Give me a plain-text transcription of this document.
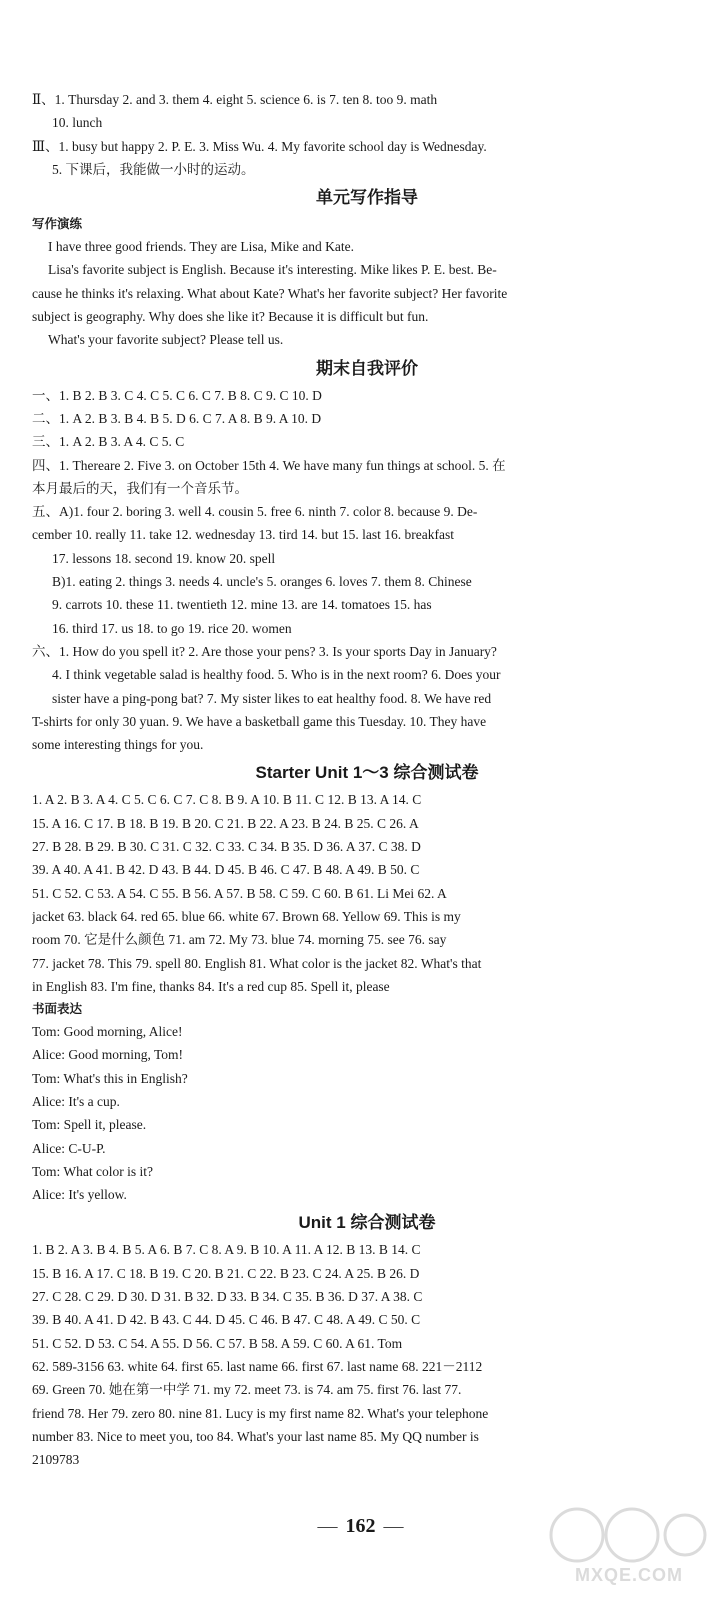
Ⅱ、1. Thursday 2. and 3. them 4. eight 5. science 6. is 7. ten 8. too 9. math
10. lunch
Ⅲ、1. busy but happy 2. P. E. 3. Miss Wu. 4. My favorite school day is Wednesday.
5. 下课后，我能做一小时的运动。
单元写作指导
写作演练
I have three good friends. They are Lisa, Mike and Kate.
Lisa's favorite subject is English. Because it's interesting. Mike likes P. E. best. Be-
cause he thinks it's relaxing. What about Kate? What's her favorite subject? Her favorite
subject is geography. Why does she like it? Because it is difficult but fun.
What's your favorite subject? Please tell us.
期末自我评价
一、1. B 2. B 3. C 4. C 5. C 6. C 7. B 8. C 9. C 10. D
二、1. A 2. B 3. B 4. B 5. D 6. C 7. A 8. B 9. A 10. D
三、1. A 2. B 3. A 4. C 5. C
四、1. Thereare 2. Five 3. on October 15th 4. We have many fun things at school. 5. 在
本月最后的天，我们有一个音乐节。
五、A)1. four 2. boring 3. well 4. cousin 5. free 6. ninth 7. color 8. because 9. De-
cember 10. really 11. take 12. wednesday 13. tird 14. but 15. last 16. breakfast
17. lessons 18. second 19. know 20. spell
B)1. eating 2. things 3. needs 4. uncle's 5. oranges 6. loves 7. them 8. Chinese
9. carrots 10. these 11. twentieth 12. mine 13. are 14. tomatoes 15. has
16. third 17. us 18. to go 19. rice 20. women
六、1. How do you spell it? 2. Are those your pens? 3. Is your sports Day in January?
4. I think vegetable salad is healthy food. 5. Who is in the next room? 6. Does your
sister have a ping-pong bat? 7. My sister likes to eat healthy food. 8. We have red
T-shirts for only 30 yuan. 9. We have a basketball game this Tuesday. 10. They have
some interesting things for you.
Starter Unit 1～3 综合测试卷
1. A 2. B 3. A 4. C 5. C 6. C 7. C 8. B 9. A 10. B 11. C 12. B 13. A 14. C
15. A 16. C 17. B 18. B 19. B 20. C 21. B 22. A 23. B 24. B 25. C 26. A
27. B 28. B 29. B 30. C 31. C 32. C 33. C 34. B 35. D 36. A 37. C 38. D
39. A 40. A 41. B 42. D 43. B 44. D 45. B 46. C 47. B 48. A 49. B 50. C
51. C 52. C 53. A 54. C 55. B 56. A 57. B 58. C 59. C 60. B 61. Li Mei 62. A
jacket 63. black 64. red 65. blue 66. white 67. Brown 68. Yellow 69. This is my
room 70. 它是什么颜色 71. am 72. My 73. blue 74. morning 75. see 76. say
77. jacket 78. This 79. spell 80. English 81. What color is the jacket 82. What's that
in English 83. I'm fine, thanks 84. It's a red cup 85. Spell it, please
书面表达
Tom: Good morning, Alice!
Alice: Good morning, Tom!
Tom: What's this in English?
Alice: It's a cup.
Tom: Spell it, please.
Alice: C-U-P.
Tom: What color is it?
Alice: It's yellow.
Unit 1 综合测试卷
1. B 2. A 3. B 4. B 5. A 6. B 7. C 8. A 9. B 10. A 11. A 12. B 13. B 14. C
15. B 16. A 17. C 18. B 19. C 20. B 21. C 22. B 23. C 24. A 25. B 26. D
27. C 28. C 29. D 30. D 31. B 32. D 33. B 34. C 35. B 36. D 37. A 38. C
39. B 40. A 41. D 42. B 43. C 44. D 45. C 46. B 47. C 48. A 49. C 50. C
51. C 52. D 53. C 54. A 55. D 56. C 57. B 58. A 59. C 60. A 61. Tom
62. 589-3156 63. white 64. first 65. last name 66. first 67. last name 68. 221－2112
69. Green 70. 她在第一中学 71. my 72. meet 73. is 74. am 75. first 76. last 77.
friend 78. Her 79. zero 80. nine 81. Lucy is my first name 82. What's your telephone
number 83. Nice to meet you, too 84. What's your last name 85. My QQ number is
2109783
— 162 —
MXQE.COM
